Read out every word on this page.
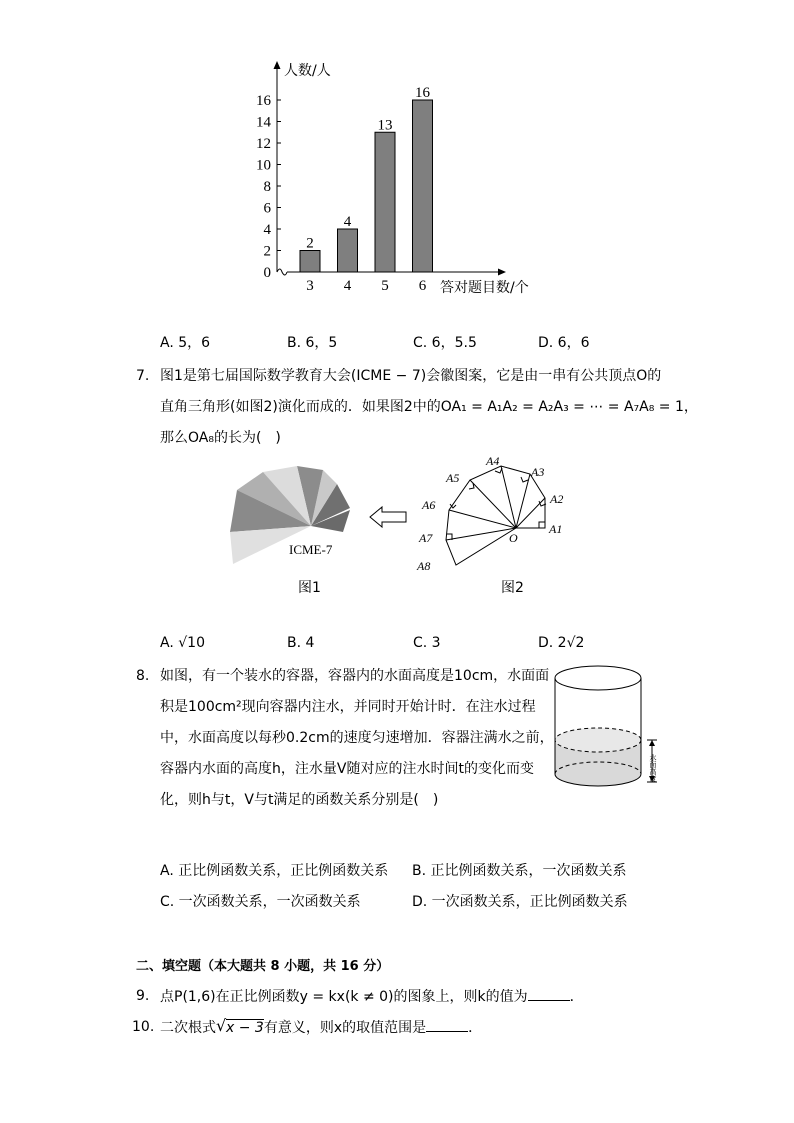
人数/人
答对题目数/个
0
2
4
6
8
10
12
14
16
2
3
4
4
13
5
16
6
A. 5，6	B. 6，5	C. 6，5.5	D. 6，6
7. 图1是第七届国际数学教育大会(ICME − 7)会徽图案，它是由一串有公共顶点O的
直角三角形(如图2)演化而成的．如果图2中的OA₁ = A₁A₂ = A₂A₃ = ⋯ = A₇A₈ = 1，
那么OA₈的长为(　)
ICME-7
图1
A4
A3
A5
A2
A6
A1
A7	O
A8
图2
A. √10	B. 4	C. 3	D. 2√2
8. 如图，有一个装水的容器，容器内的水面高度是10cm，水面面
积是100cm²现向容器内注水，并同时开始计时．在注水过程
中，水面高度以每秒0.2cm的速度匀速增加．容器注满水之前，
容器内水面的高度h，注水量V随对应的注水时间t的变化而变
化，则h与t，V与t满足的函数关系分别是(　)
水面高度
A. 正比例函数关系，正比例函数关系 B. 正比例函数关系，一次函数关系
C. 一次函数关系，一次函数关系	D. 一次函数关系，正比例函数关系
二、填空题（本大题共 8 小题，共 16 分）
9. 点P(1,6)在正比例函数y = kx(k ≠ 0)的图象上，则k的值为	．
10. 二次根式 √ x − 3有意义，则x的取值范围是	．
